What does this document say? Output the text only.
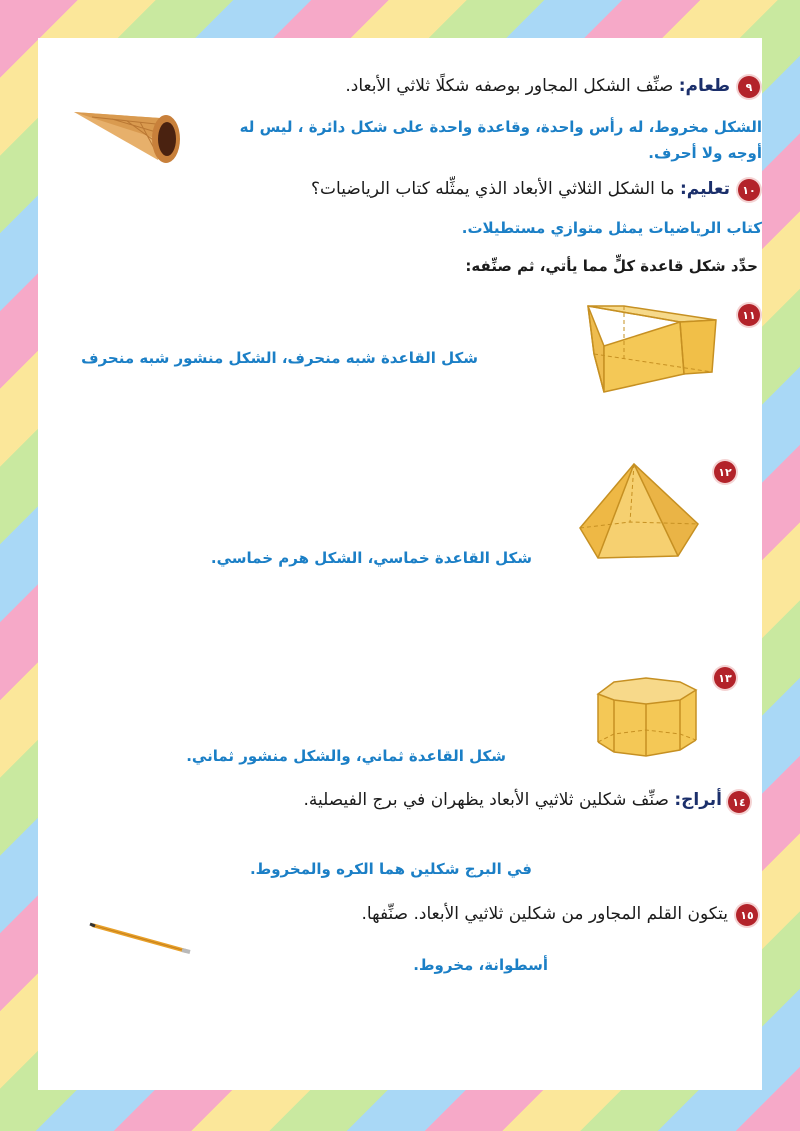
٩
طعام: صنِّف الشكل المجاور بوصفه شكلًا ثلاثي الأبعاد.
الشكل مخروط، له رأس واحدة، وقاعدة واحدة على شكل دائرة ، ليس له أوجه ولا أحرف.
١٠
تعليم: ما الشكل الثلاثي الأبعاد الذي يمثِّله كتاب الرياضيات؟
كتاب الرياضيات يمثل متوازي مستطيلات.
حدِّد شكل قاعدة كلٍّ مما يأتي، ثم صنِّفه:
١١
شكل القاعدة شبه منحرف، الشكل منشور شبه منحرف
١٢
شكل القاعدة خماسي، الشكل هرم خماسي.
١٣
شكل القاعدة ثماني، والشكل منشور ثماني.
١٤
أبراج: صنِّف شكلين ثلاثيي الأبعاد يظهران في برج الفيصلية.
في البرج شكلين هما الكره والمخروط.
١٥
يتكون القلم المجاور من شكلين ثلاثيي الأبعاد. صنِّفها.
أسطوانة، مخروط.
